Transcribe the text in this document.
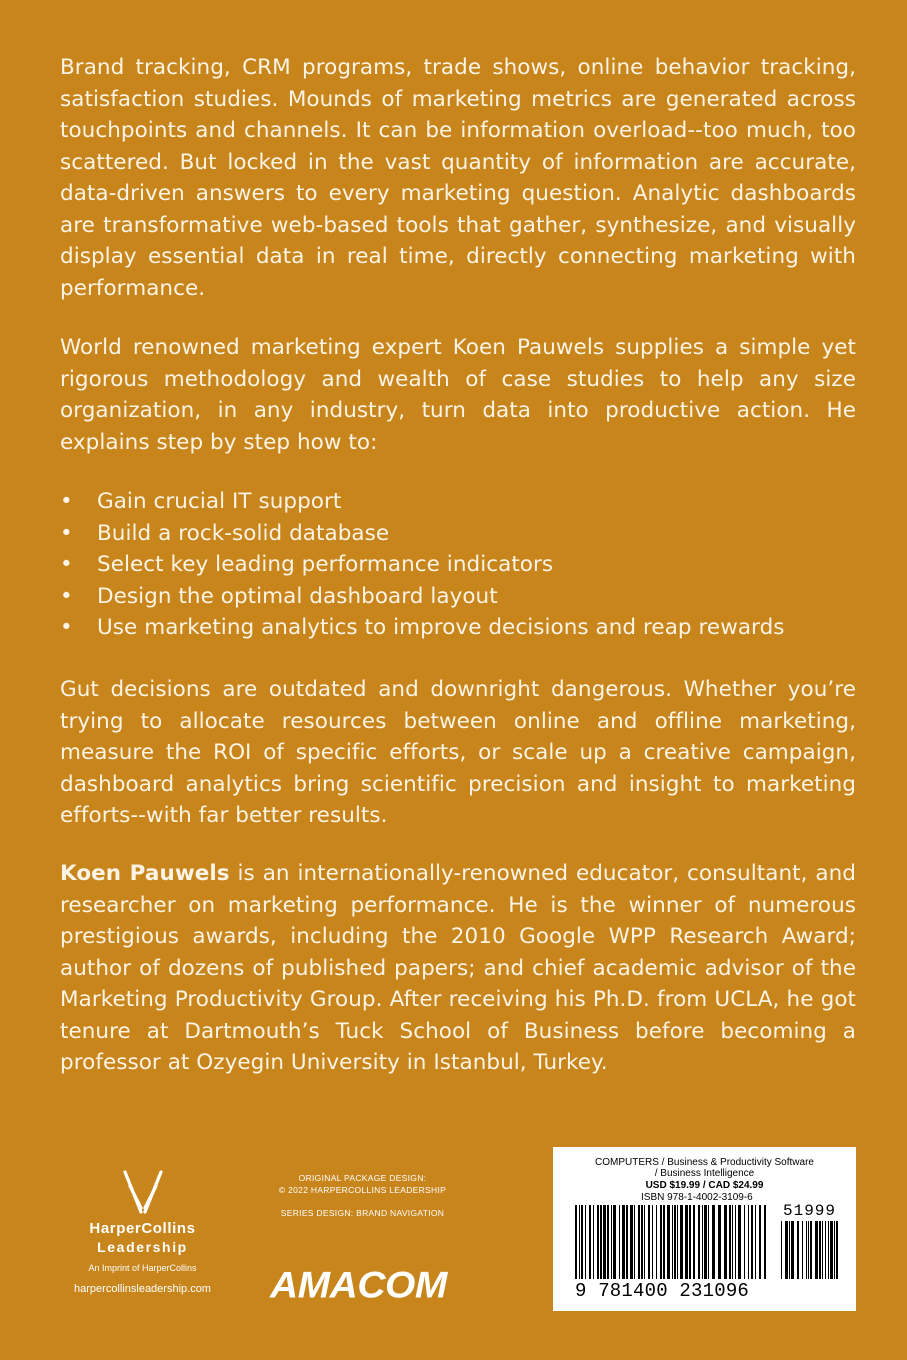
Brand tracking, CRM programs, trade shows, online behavior tracking, satisfaction studies. Mounds of marketing metrics are generated across touchpoints and channels. It can be information overload--too much, too scattered. But locked in the vast quantity of information are accurate, data-driven answers to every marketing question. Analytic dashboards are transformative web-based tools that gather, synthesize, and visually display essential data in real time, directly connecting marketing with performance.
World renowned marketing expert Koen Pauwels supplies a simple yet rigorous methodology and wealth of case studies to help any size organization, in any industry, turn data into productive action. He explains step by step how to:
• Gain crucial IT support
• Build a rock-solid database
• Select key leading performance indicators
• Design the optimal dashboard layout
• Use marketing analytics to improve decisions and reap rewards
Gut decisions are outdated and downright dangerous. Whether you’re trying to allocate resources between online and offline marketing, measure the ROI of specific efforts, or scale up a creative campaign, dashboard analytics bring scientific precision and insight to marketing efforts--with far better results.
Koen Pauwels is an internationally-renowned educator, consultant, and researcher on marketing performance. He is the winner of numerous prestigious awards, including the 2010 Google WPP Research Award; author of dozens of published papers; and chief academic advisor of the Marketing Productivity Group. After receiving his Ph.D. from UCLA, he got tenure at Dartmouth’s Tuck School of Business before becoming a professor at Ozyegin University in Istanbul, Turkey.
HarperCollins
Leadership
An Imprint of HarperCollins
harpercollinsleadership.com
ORIGINAL PACKAGE DESIGN:
© 2022 HARPERCOLLINS LEADERSHIP
SERIES DESIGN: BRAND NAVIGATION
AMACOM
COMPUTERS / Business & Productivity Software
/ Business Intelligence
USD $19.99 / CAD $24.99
ISBN 978-1-4002-3109-6
51999
9 781400 231096
